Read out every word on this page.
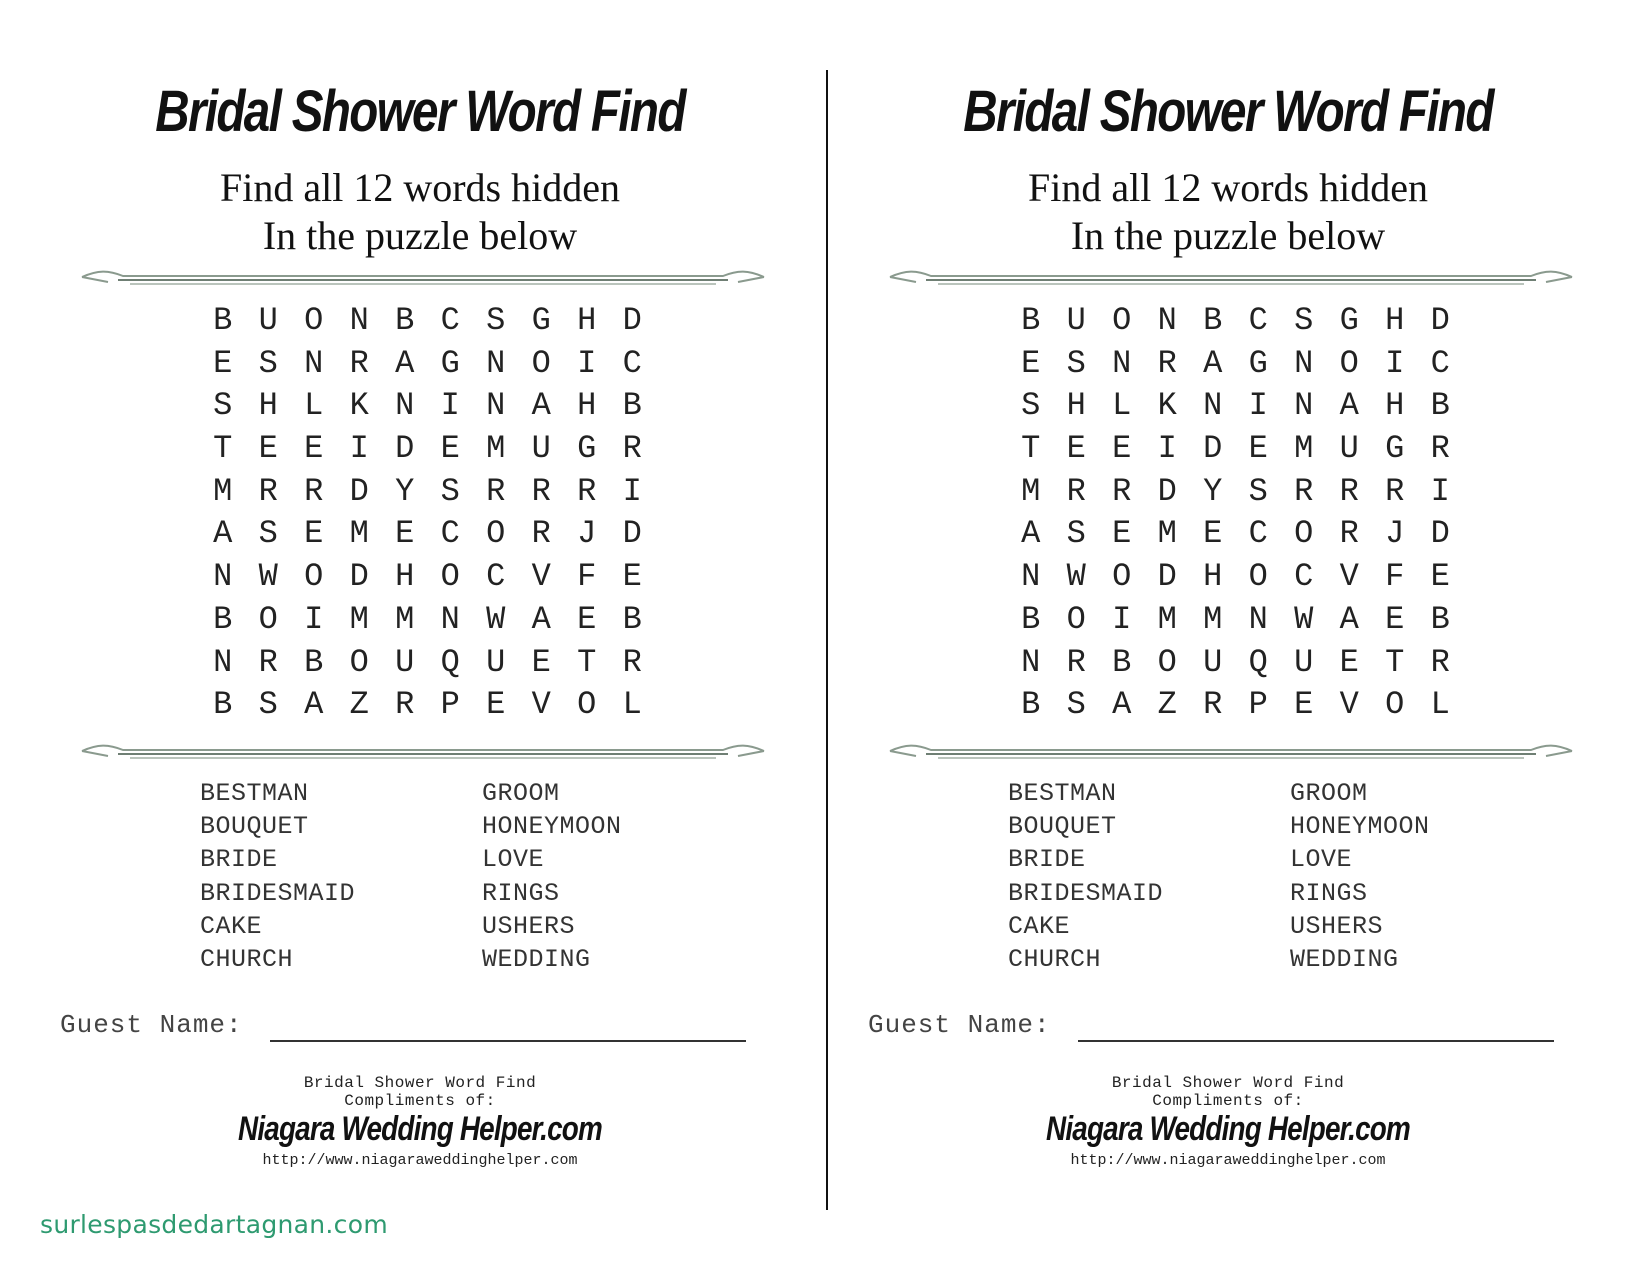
Bridal Shower Word Find
Find all 12 words hidden
In the puzzle below
B U O N B C S G H D
E S N R A G N O I C
S H L K N I N A H B
T E E I D E M U G R
M R R D Y S R R R I
A S E M E C O R J D
N W O D H O C V F E
B O I M M N W A E B
N R B O U Q U E T R
B S A Z R P E V O L
BESTMAN	GROOM
BOUQUET	HONEYMOON
BRIDE	LOVE
BRIDESMAID	RINGS
CAKE	USHERS
CHURCH	WEDDING
Guest Name:
Bridal Shower Word Find
Compliments of:
Niagara Wedding Helper.com
http://www.niagaraweddinghelper.com
Bridal Shower Word Find
Find all 12 words hidden
In the puzzle below
B U O N B C S G H D
E S N R A G N O I C
S H L K N I N A H B
T E E I D E M U G R
M R R D Y S R R R I
A S E M E C O R J D
N W O D H O C V F E
B O I M M N W A E B
N R B O U Q U E T R
B S A Z R P E V O L
BESTMAN	GROOM
BOUQUET	HONEYMOON
BRIDE	LOVE
BRIDESMAID	RINGS
CAKE	USHERS
CHURCH	WEDDING
Guest Name:
Bridal Shower Word Find
Compliments of:
Niagara Wedding Helper.com
http://www.niagaraweddinghelper.com
surlespasdedartagnan.com
